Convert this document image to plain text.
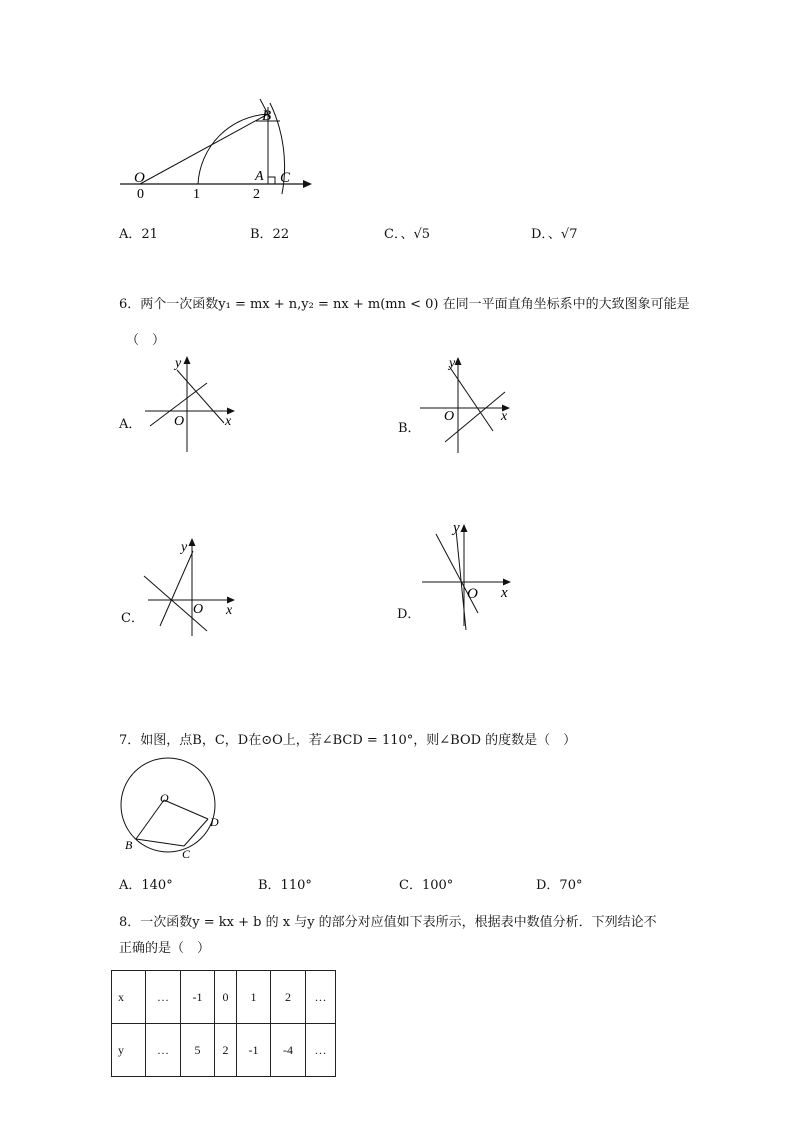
O
B
A C
0	1	2
A．21	B．22	C．、√5	D．、√7
6．两个一次函数y₁ = mx + n,y₂ = nx + m(mn < 0) 在同一平面直角坐标系中的大致图象可能是
（　）
A．
y
x
O	B．
y
x
O
C．
y
x
O	D．
y
x
O
7．如图，点B，C，D在⊙O上，若∠BCD = 110°，则∠BOD 的度数是（　）
O
B
C
D
A．140°	B．110°	C．100°	D．70°
8．一次函数y = kx + b 的 x 与y 的部分对应值如下表所示，根据表中数值分析．下列结论不
正确的是（　）
x	…	-1	0	1	2	…
y	…	5	2	-1	-4	…
